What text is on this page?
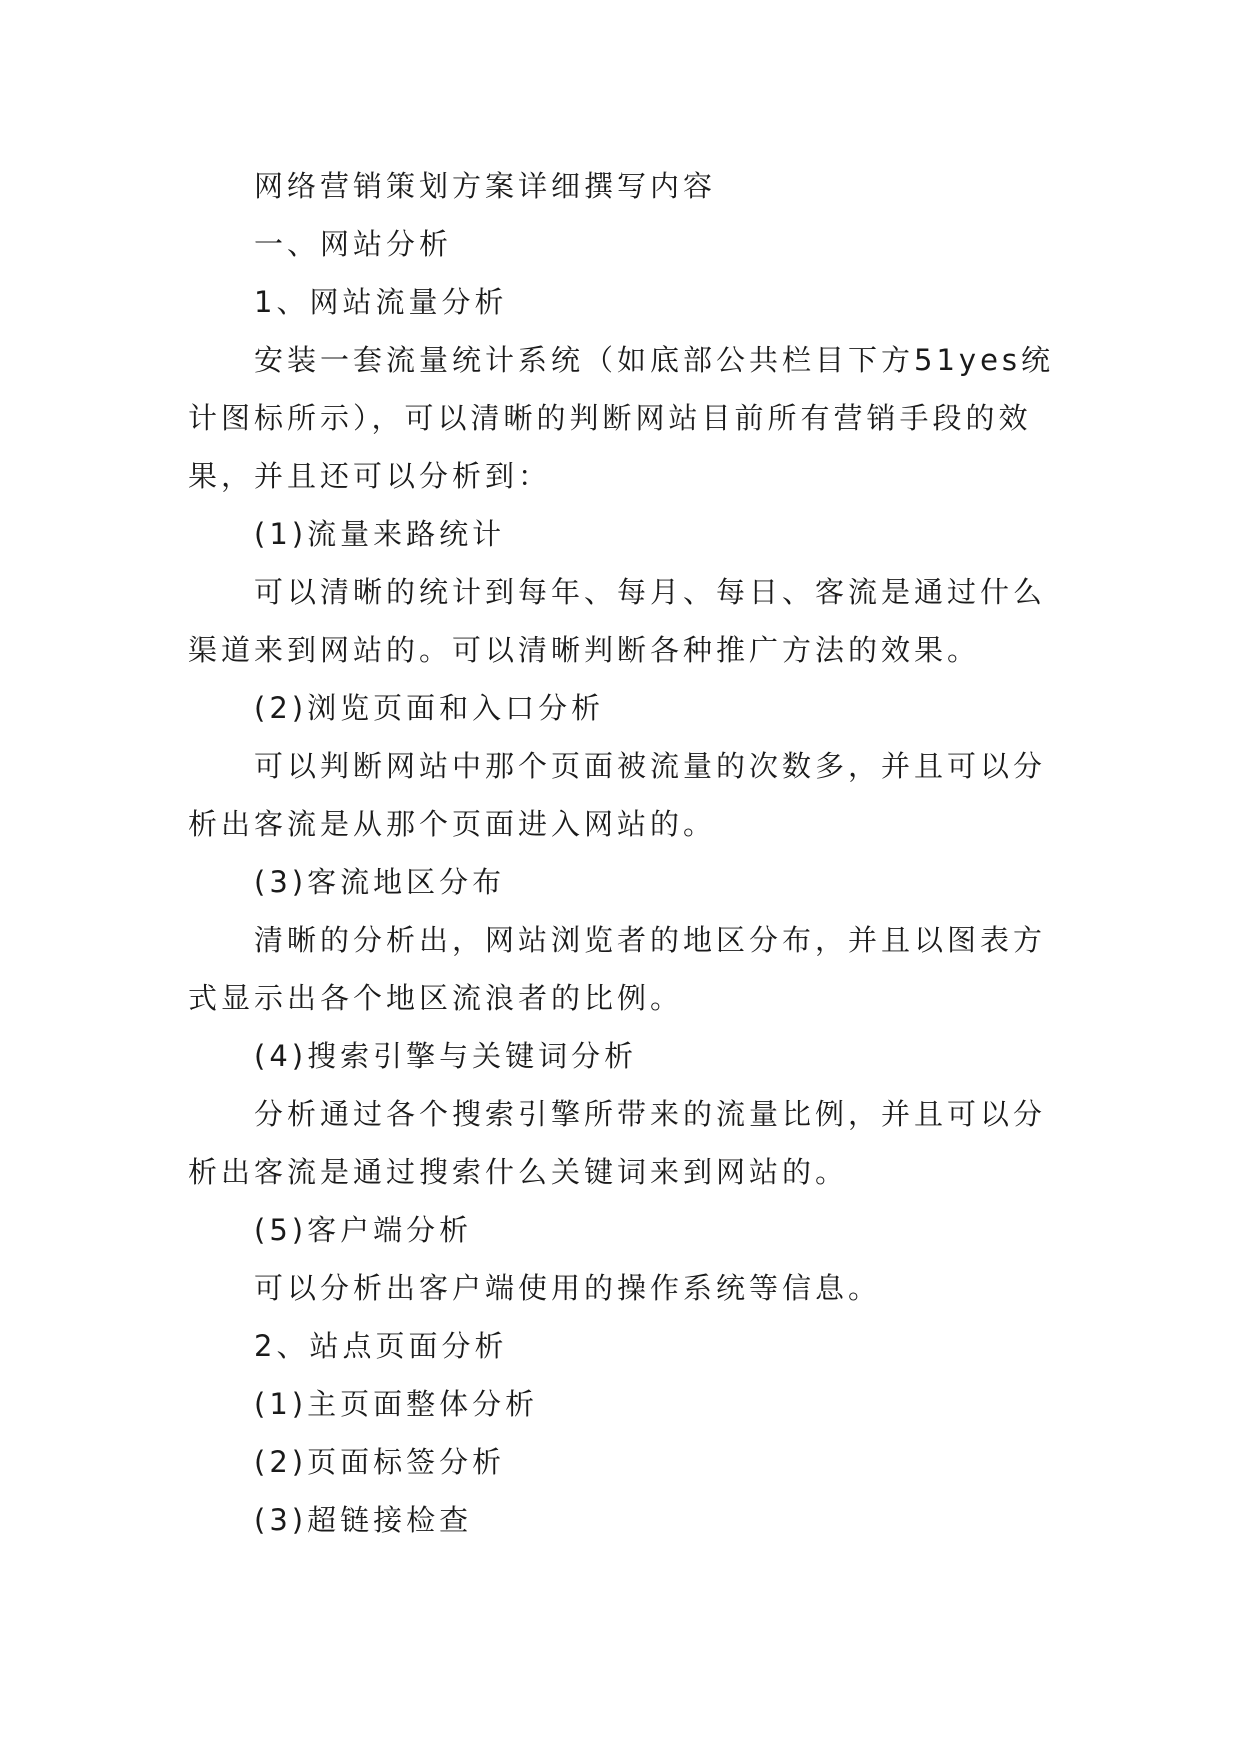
网络营销策划方案详细撰写内容

一、网站分析

1、网站流量分析

安装一套流量统计系统（如底部公共栏目下方51yes统计图标所示），可以清晰的判断网站目前所有营销手段的效果，并且还可以分析到：

(1)流量来路统计

可以清晰的统计到每年、每月、每日、客流是通过什么渠道来到网站的。可以清晰判断各种推广方法的效果。

(2)浏览页面和入口分析

可以判断网站中那个页面被流量的次数多，并且可以分析出客流是从那个页面进入网站的。

(3)客流地区分布

清晰的分析出，网站浏览者的地区分布，并且以图表方式显示出各个地区流浪者的比例。

(4)搜索引擎与关键词分析

分析通过各个搜索引擎所带来的流量比例，并且可以分析出客流是通过搜索什么关键词来到网站的。

(5)客户端分析

可以分析出客户端使用的操作系统等信息。

2、站点页面分析

(1)主页面整体分析

(2)页面标签分析

(3)超链接检查
